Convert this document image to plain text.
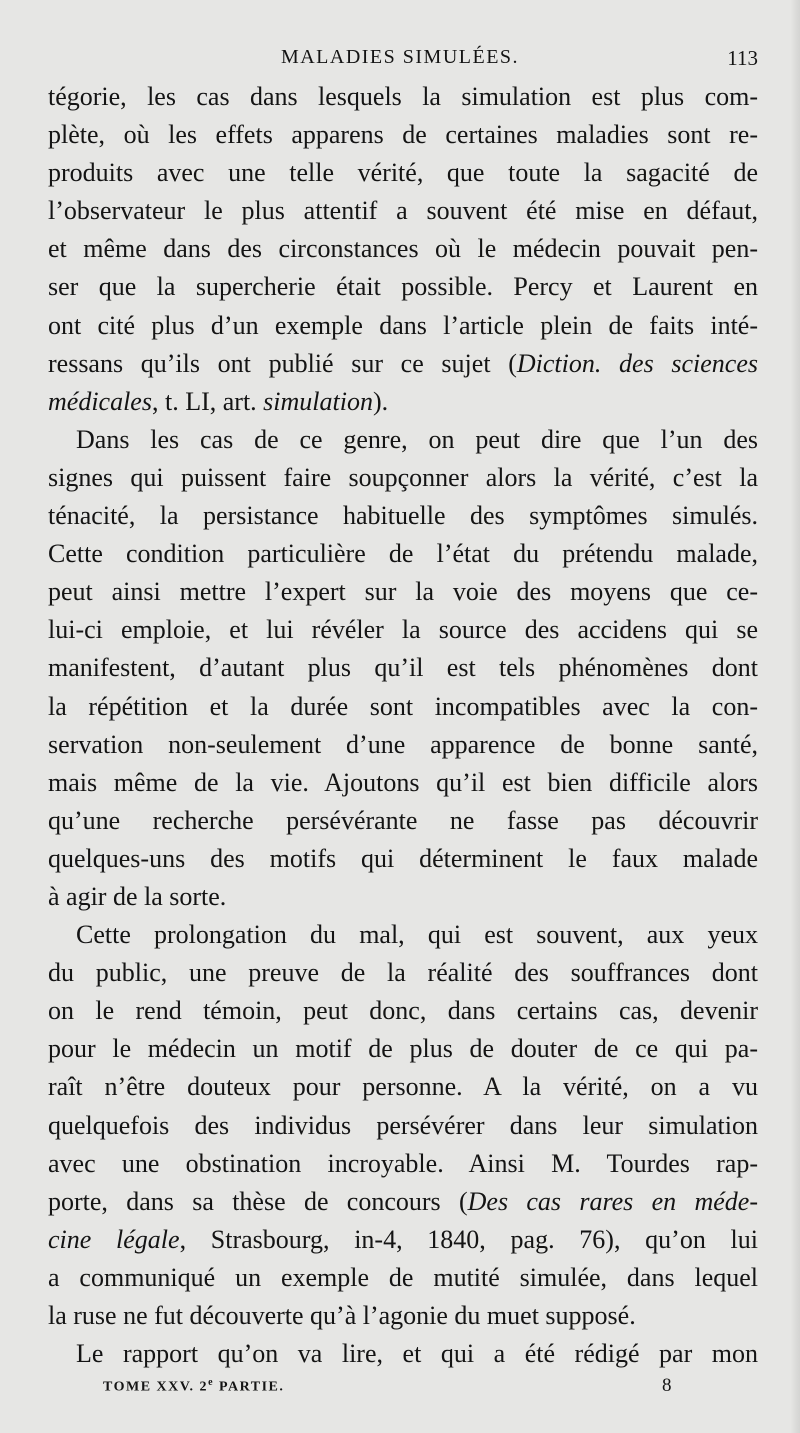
MALADIES SIMULÉES.	113
tégorie, les cas dans lesquels la simulation est plus com-
plète, où les effets apparens de certaines maladies sont re-
produits avec une telle vérité, que toute la sagacité de
l’observateur le plus attentif a souvent été mise en défaut,
et même dans des circonstances où le médecin pouvait pen-
ser que la supercherie était possible. Percy et Laurent en
ont cité plus d’un exemple dans l’article plein de faits inté-
ressans qu’ils ont publié sur ce sujet (Diction. des sciences
médicales, t. LI, art. simulation).
Dans les cas de ce genre, on peut dire que l’un des
signes qui puissent faire soupçonner alors la vérité, c’est la
ténacité, la persistance habituelle des symptômes simulés.
Cette condition particulière de l’état du prétendu malade,
peut ainsi mettre l’expert sur la voie des moyens que ce-
lui-ci emploie, et lui révéler la source des accidens qui se
manifestent, d’autant plus qu’il est tels phénomènes dont
la répétition et la durée sont incompatibles avec la con-
servation non-seulement d’une apparence de bonne santé,
mais même de la vie. Ajoutons qu’il est bien difficile alors
qu’une recherche persévérante ne fasse pas découvrir
quelques-uns des motifs qui déterminent le faux malade
à agir de la sorte.
Cette prolongation du mal, qui est souvent, aux yeux
du public, une preuve de la réalité des souffrances dont
on le rend témoin, peut donc, dans certains cas, devenir
pour le médecin un motif de plus de douter de ce qui pa-
raît n’être douteux pour personne. A la vérité, on a vu
quelquefois des individus persévérer dans leur simulation
avec une obstination incroyable. Ainsi M. Tourdes rap-
porte, dans sa thèse de concours (Des cas rares en méde-
cine légale, Strasbourg, in-4, 1840, pag. 76), qu’on lui
a communiqué un exemple de mutité simulée, dans lequel
la ruse ne fut découverte qu’à l’agonie du muet supposé.
Le rapport qu’on va lire, et qui a été rédigé par mon
TOME XXV. 2e PARTIE.	8
